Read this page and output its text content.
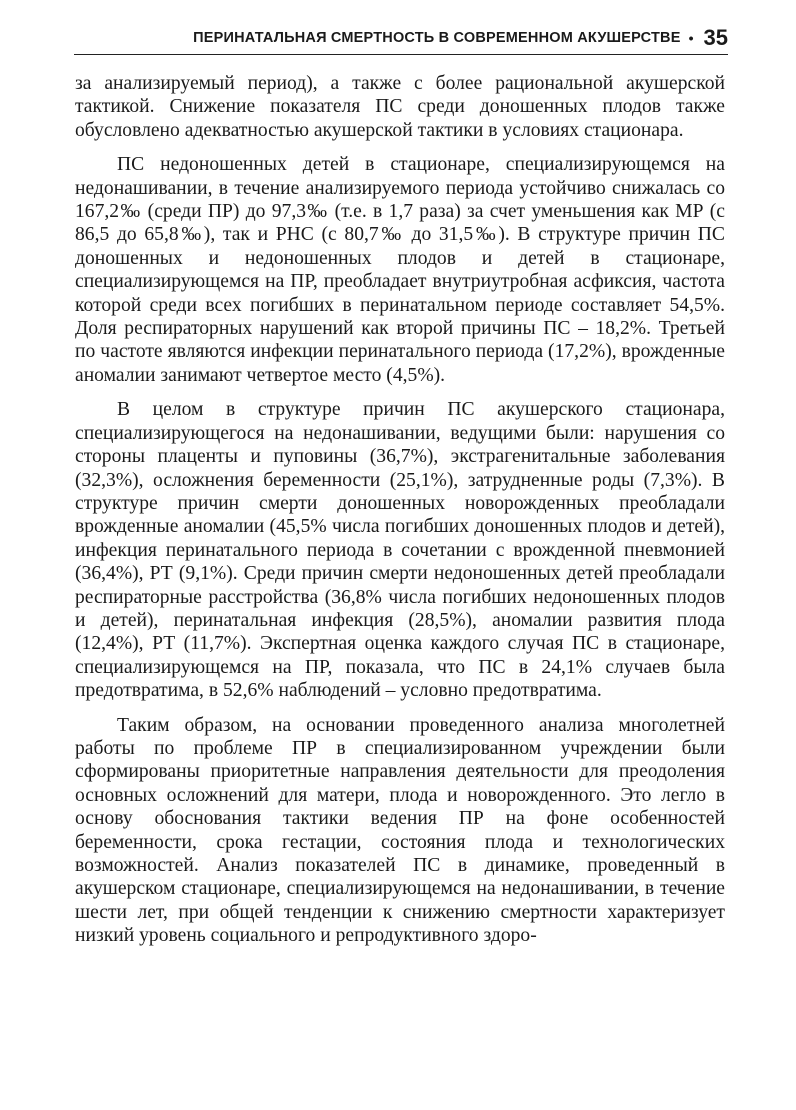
ПЕРИНАТАЛЬНАЯ СМЕРТНОСТЬ В СОВРЕМЕННОМ АКУШЕРСТВЕ • 35

за анализируемый период), а также с более рациональной акушерской тактикой. Снижение показателя ПС среди доношенных плодов также обусловлено адекватностью акушерской тактики в условиях стационара.

ПС недоношенных детей в стационаре, специализирующемся на недонашивании, в течение анализируемого периода устойчиво снижалась со 167,2‰ (среди ПР) до 97,3‰ (т.е. в 1,7 раза) за счет уменьшения как МР (с 86,5 до 65,8‰), так и РНС (с 80,7‰ до 31,5‰). В структуре причин ПС доношенных и недоношенных плодов и детей в стационаре, специализирующемся на ПР, преобладает внутриутробная асфиксия, частота которой среди всех погибших в перинатальном периоде составляет 54,5%. Доля респираторных нарушений как второй причины ПС – 18,2%. Третьей по частоте являются инфекции перинатального периода (17,2%), врожденные аномалии занимают четвертое место (4,5%).

В целом в структуре причин ПС акушерского стационара, специализирующегося на недонашивании, ведущими были: нарушения со стороны плаценты и пуповины (36,7%), экстрагенитальные заболевания (32,3%), осложнения беременности (25,1%), затрудненные роды (7,3%). В структуре причин смерти доношенных новорожденных преобладали врожденные аномалии (45,5% числа погибших доношенных плодов и детей), инфекция перинатального периода в сочетании с врожденной пневмонией (36,4%), РТ (9,1%). Среди причин смерти недоношенных детей преобладали респираторные расстройства (36,8% числа погибших недоношенных плодов и детей), перинатальная инфекция (28,5%), аномалии развития плода (12,4%), РТ (11,7%). Экспертная оценка каждого случая ПС в стационаре, специализирующемся на ПР, показала, что ПС в 24,1% случаев была предотвратима, в 52,6% наблюдений – условно предотвратима.

Таким образом, на основании проведенного анализа многолетней работы по проблеме ПР в специализированном учреждении были сформированы приоритетные направления деятельности для преодоления основных осложнений для матери, плода и новорожденного. Это легло в основу обоснования тактики ведения ПР на фоне особенностей беременности, срока гестации, состояния плода и технологических возможностей. Анализ показателей ПС в динамике, проведенный в акушерском стационаре, специализирующемся на недонашивании, в течение шести лет, при общей тенденции к снижению смертности характеризует низкий уровень социального и репродуктивного здоро-
